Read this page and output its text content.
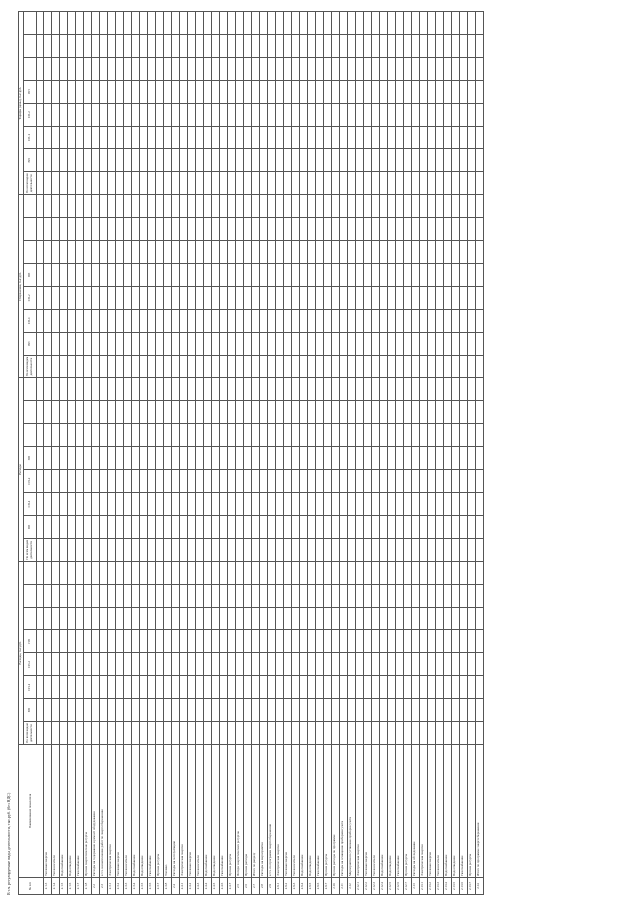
В т.ч. регулируемые виды деятельности, тыс.руб. (без НДС)	№ п/п	Наименование показателя	Расходы, тыс.руб.								Расходы								Сбережения, тыс.руб.								Тарифы (цены), тыс.руб.							
		По всем видам деятельности	ВН	СН-1	СН-2	НН				По всем видам деятельности	ВН	СН-1	СН-2	НН				По всем видам деятельности	ВН	СН-1	СН-2	НН				По всем видам деятельности	ВН	СН-1	СН-2	НН			

2.1.3	Тепловая энергия																																
2.1.4	Теплоносители																																
2.1.5	Водоснабжение																																
2.1.6	Водоотведение																																
2.1.7	Газоснабжение																																
2.1.8	Прочие энергетические ресурсы																																
2.2	Расходы на содержание и ремонт оборудования																																
2.3	в т.ч. на выполнение работ по энергосбережению																																
2.3.1	Электрическая энергия																																
2.3.2	Тепловая энергия																																
2.3.3	Теплоносители																																
2.3.4	Водоснабжение																																
2.3.5	Водоотведение																																
2.3.6	Газоснабжение																																
2.3.7	Прочие ресурсы																																
2.3.8	Топливо																																
2.4	Расходы на эксплуатацию																																
2.4.1	Электрическая энергия																																
2.4.2	Тепловая энергия																																
2.4.3	Теплоносители																																
2.4.4	Водоснабжение																																
2.4.5	Водоотведение																																
2.4.6	Газоснабжение																																
2.4.7	Прочие ресурсы																																
2.5	Потери энергетических ресурсов																																
2.6	Прочие расходы																																
2.7	Итого по разделу																																
2.8	Расходы на мероприятия																																
2.9	в т.ч. по программе энергосбережения																																
2.9.1	Электрическая энергия																																
2.9.2	Тепловая энергия																																
2.9.3	Теплоносители																																
2.9.4	Водоснабжение																																
2.9.5	Водоотведение																																
2.9.6	Газоснабжение																																
2.9.7	Прочие ресурсы																																
2.10	Прочие расходы по программе																																
2.11	Расходы на оснащение приборами учета																																
2.12	Мероприятия по установке приборов учета																																
2.12.1	Электрическая энергия																																
2.12.2	Тепловая энергия																																
2.12.3	Теплоносители																																
2.12.4	Водоснабжение																																
2.12.5	Водоотведение																																
2.12.6	Газоснабжение																																
2.12.7	Прочие ресурсы																																
2.13	Расходы на обследование																																
2.13.1	Электрическая энергия																																
2.13.2	Тепловая энергия																																
2.13.3	Теплоносители																																
2.13.4	Водоснабжение																																
2.13.5	Водоотведение																																
2.13.6	Газоснабжение																																
2.13.7	Прочие ресурсы																																
2.14	Итого по программе энергосбережения																																
